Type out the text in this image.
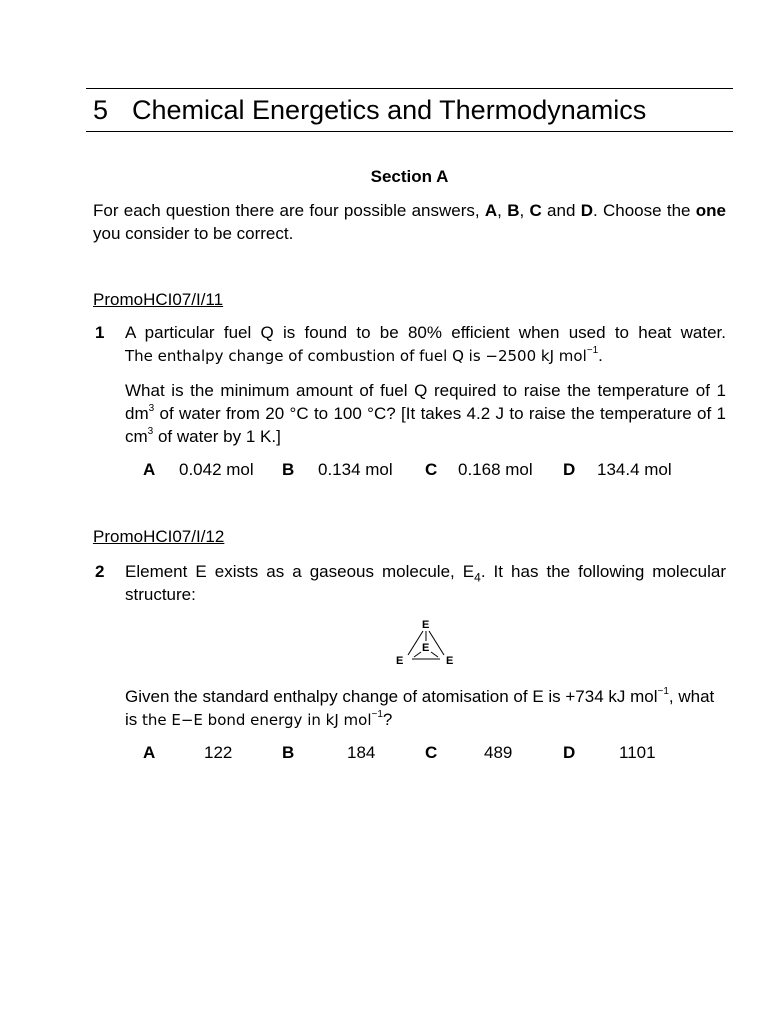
5 Chemical Energetics and Thermodynamics
Section A
For each question there are four possible answers, A, B, C and D. Choose the one you consider to be correct.
PromoHCI07/I/11
1 A particular fuel Q is found to be 80% efficient when used to heat water.
The enthalpy change of combustion of fuel Q is −2500 kJ mol$^{-1}$.
What is the minimum amount of fuel Q required to raise the temperature of 1 $dm^3$ of water from 20 °C to 100 °C? [It takes 4.2 J to raise the temperature of 1 $cm^3$ of water by 1 K.]
A 0.042 mol B 0.134 mol C 0.168 mol D 134.4 mol
PromoHCI07/I/12
2 Element E exists as a gaseous molecule, $E_4$. It has the following molecular structure:
E
E
E	E
Given the standard enthalpy change of atomisation of E is +734 kJ mol$^{-1}$, what is the E−E bond energy in kJ mol$^{-1}$?
A	122	B	184	C	489	D	1101
